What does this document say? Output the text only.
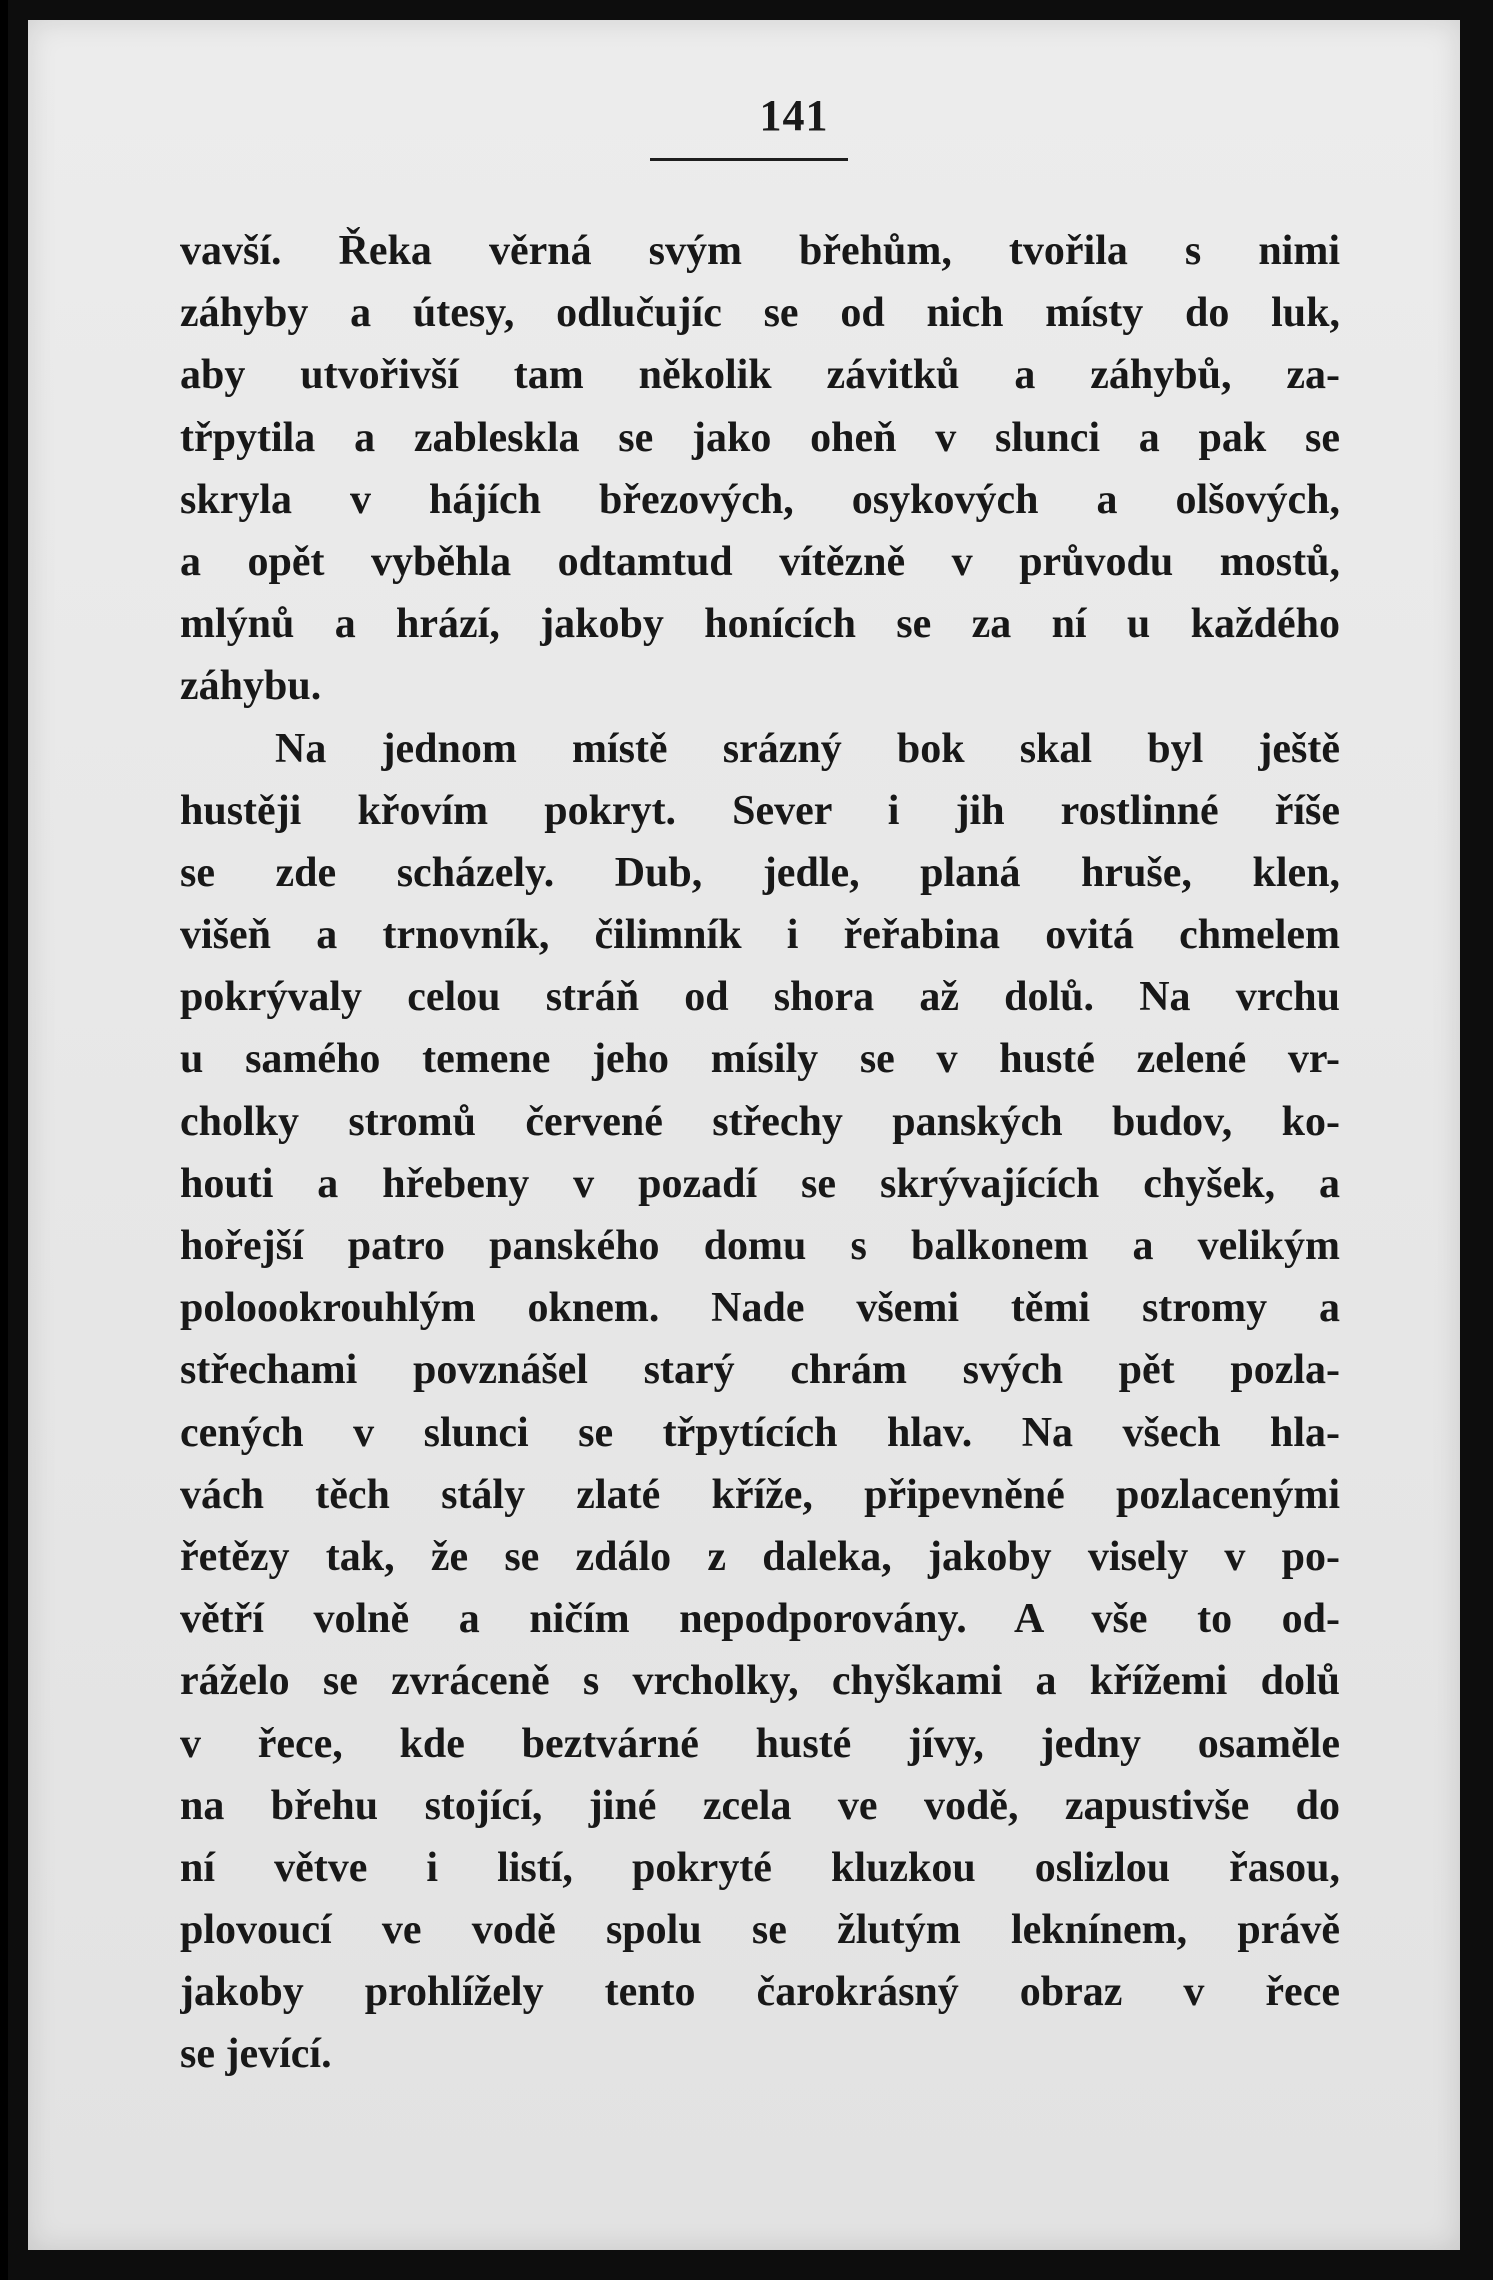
141
vavší. Řeka věrná svým břehům, tvořila s nimi
záhyby a útesy, odlučujíc se od nich místy do luk,
aby utvořivší tam několik závitků a záhybů, za-
třpytila a zableskla se jako oheň v slunci a pak se
skryla v hájích březových, osykových a olšových,
a opět vyběhla odtamtud vítězně v průvodu mostů,
mlýnů a hrází, jakoby honících se za ní u každého
záhybu.
Na jednom místě srázný bok skal byl ještě
hustěji křovím pokryt. Sever i jih rostlinné říše
se zde scházely. Dub, jedle, planá hruše, klen,
višeň a trnovník, čilimník i řeřabina ovitá chmelem
pokrývaly celou stráň od shora až dolů. Na vrchu
u samého temene jeho mísily se v husté zelené vr-
cholky stromů červené střechy panských budov, ko-
houti a hřebeny v pozadí se skrývajících chyšek, a
hořejší patro panského domu s balkonem a velikým
poloookrouhlým oknem. Nade všemi těmi stromy a
střechami povznášel starý chrám svých pět pozla-
cených v slunci se třpytících hlav. Na všech hla-
vách těch stály zlaté kříže, připevněné pozlacenými
řetězy tak, že se zdálo z daleka, jakoby visely v po-
větří volně a ničím nepodporovány. A vše to od-
ráželo se zvráceně s vrcholky, chyškami a křížemi dolů
v řece, kde beztvárné husté jívy, jedny osaměle
na břehu stojící, jiné zcela ve vodě, zapustivše do
ní větve i listí, pokryté kluzkou oslizlou řasou,
plovoucí ve vodě spolu se žlutým leknínem, právě
jakoby prohlížely tento čarokrásný obraz v řece
se jevící.
